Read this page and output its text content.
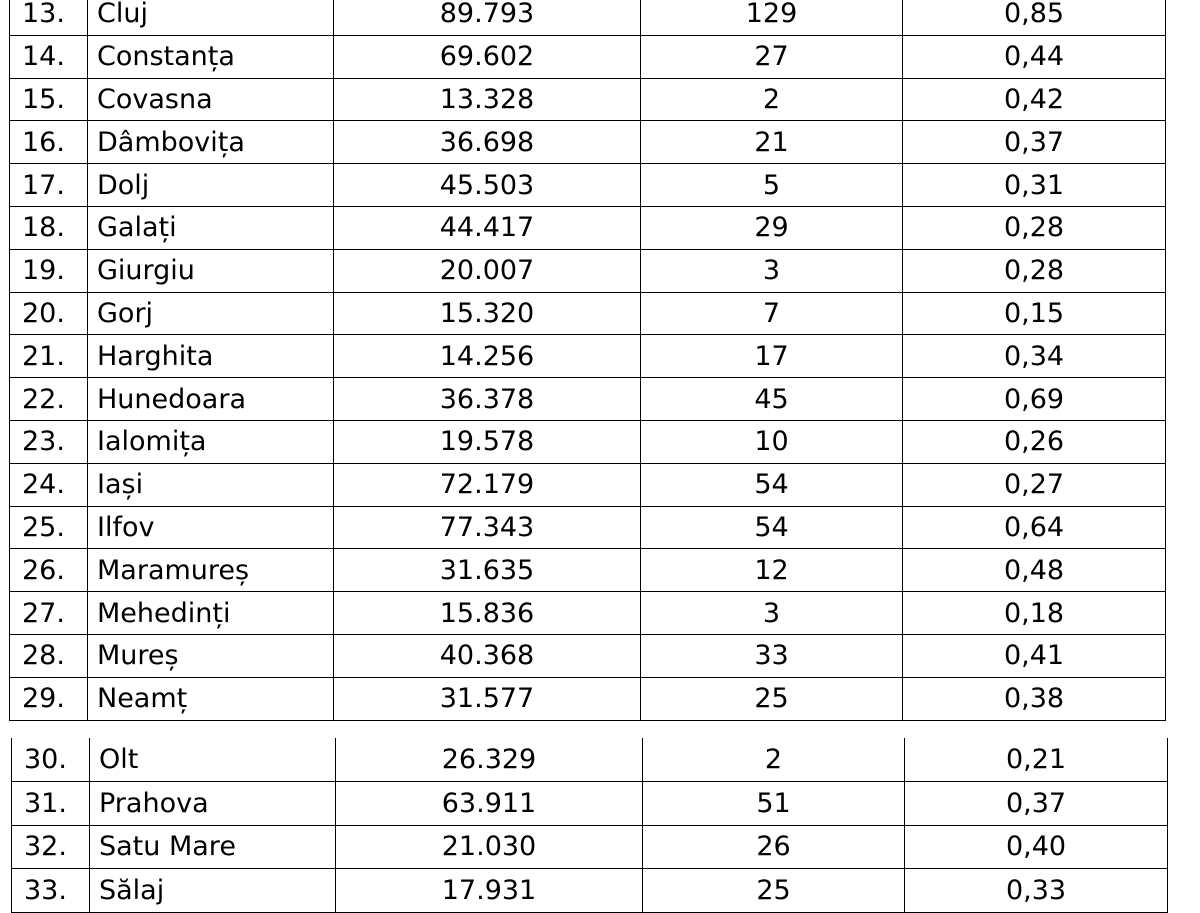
13.	Cluj	89.793	129	0,85
14.	Constanța	69.602	27	0,44
15.	Covasna	13.328	2	0,42
16.	Dâmbovița	36.698	21	0,37
17.	Dolj	45.503	5	0,31
18.	Galați	44.417	29	0,28
19.	Giurgiu	20.007	3	0,28
20.	Gorj	15.320	7	0,15
21.	Harghita	14.256	17	0,34
22.	Hunedoara	36.378	45	0,69
23.	Ialomița	19.578	10	0,26
24.	Iași	72.179	54	0,27
25.	Ilfov	77.343	54	0,64
26.	Maramureș	31.635	12	0,48
27.	Mehedinți	15.836	3	0,18
28.	Mureș	40.368	33	0,41
29.	Neamț	31.577	25	0,38
30.	Olt	26.329	2	0,21
31.	Prahova	63.911	51	0,37
32.	Satu Mare	21.030	26	0,40
33.	Sălaj	17.931	25	0,33
